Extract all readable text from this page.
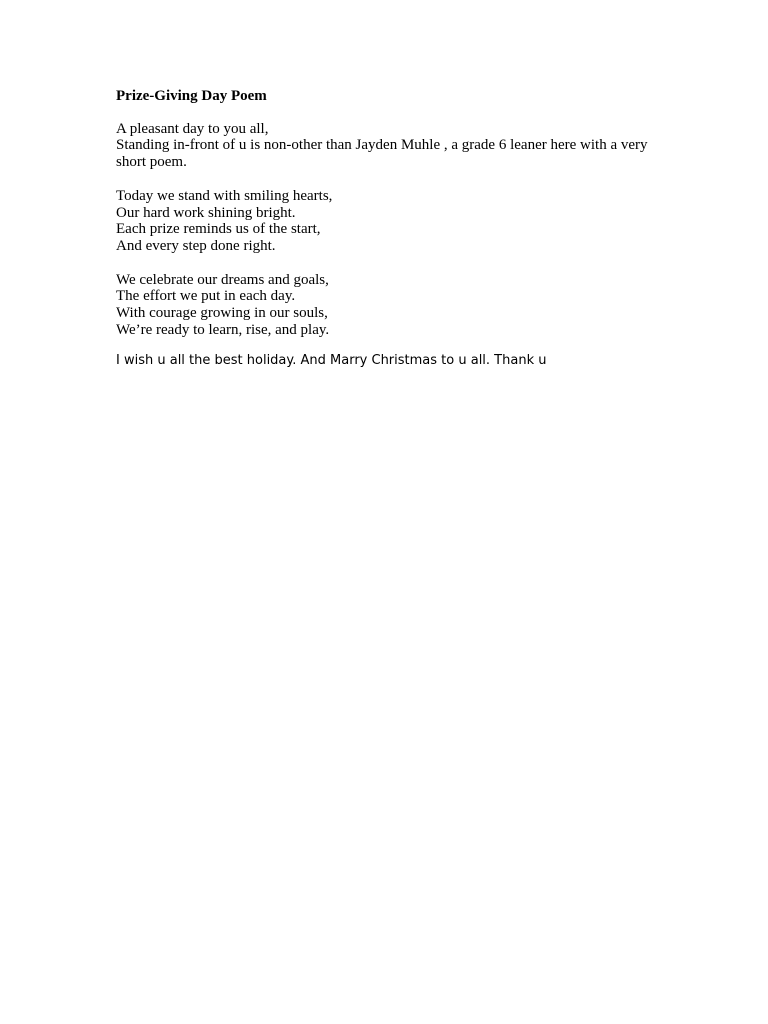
Prize-Giving Day Poem
A pleasant day to you all,
Standing in-front of u is non-other than Jayden Muhle , a grade 6 leaner here with a very short poem.
Today we stand with smiling hearts,
Our hard work shining bright.
Each prize reminds us of the start,
And every step done right.
We celebrate our dreams and goals,
The effort we put in each day.
With courage growing in our souls,
We’re ready to learn, rise, and play.
I wish u all the best holiday. And Marry Christmas to u all. Thank u
